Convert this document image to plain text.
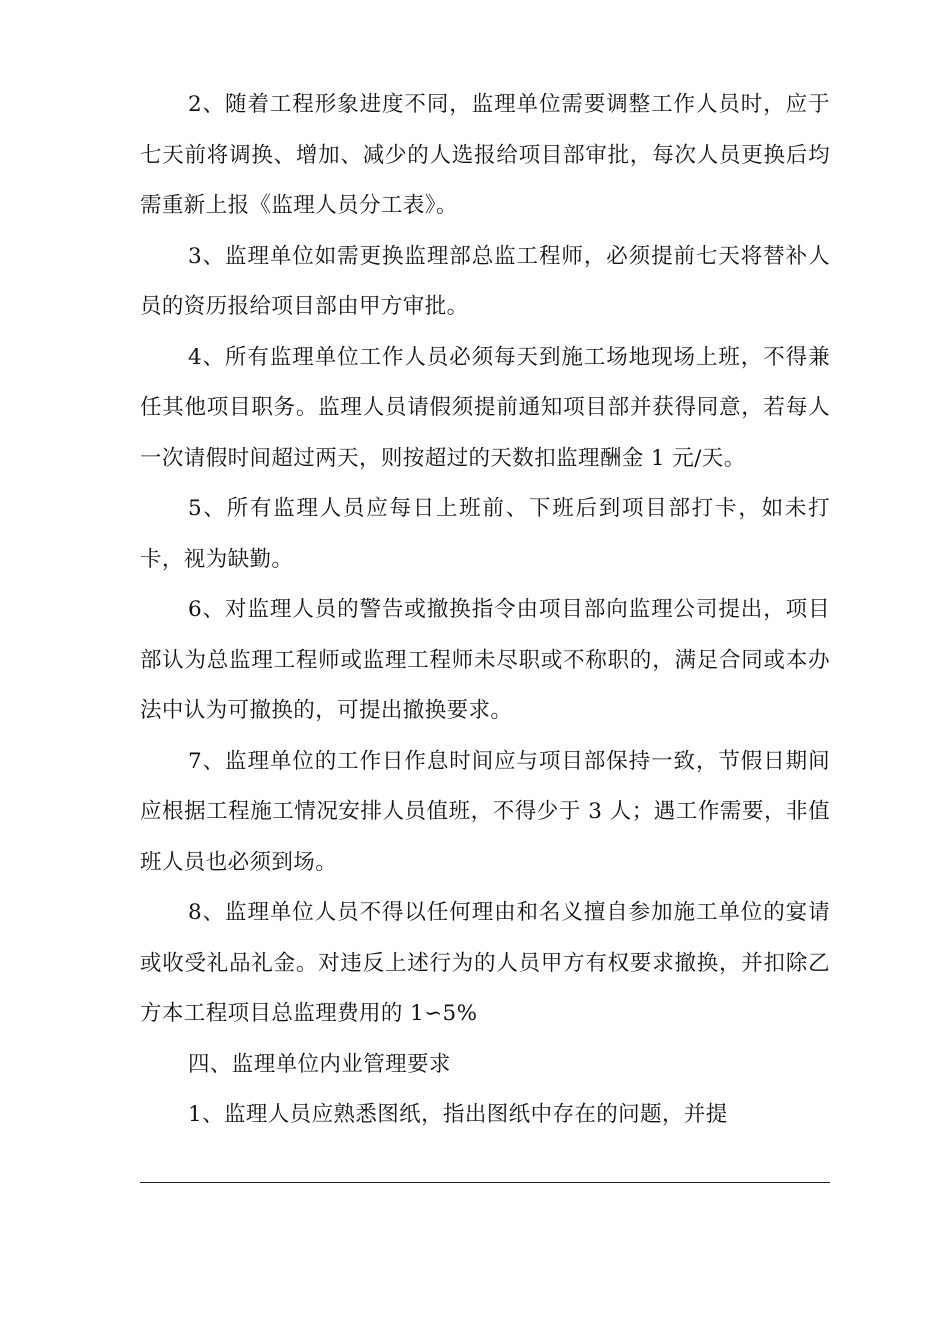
2、随着工程形象进度不同，监理单位需要调整工作人员时，应于七天前将调换、增加、减少的人选报给项目部审批，每次人员更换后均需重新上报《监理人员分工表》。

3、监理单位如需更换监理部总监工程师，必须提前七天将替补人员的资历报给项目部由甲方审批。

4、所有监理单位工作人员必须每天到施工场地现场上班，不得兼任其他项目职务。监理人员请假须提前通知项目部并获得同意，若每人一次请假时间超过两天，则按超过的天数扣监理酬金 1 元/天。

5、所有监理人员应每日上班前、下班后到项目部打卡，如未打卡，视为缺勤。

6、对监理人员的警告或撤换指令由项目部向监理公司提出，项目部认为总监理工程师或监理工程师未尽职或不称职的，满足合同或本办法中认为可撤换的，可提出撤换要求。

7、监理单位的工作日作息时间应与项目部保持一致，节假日期间应根据工程施工情况安排人员值班，不得少于 3 人；遇工作需要，非值班人员也必须到场。

8、监理单位人员不得以任何理由和名义擅自参加施工单位的宴请或收受礼品礼金。对违反上述行为的人员甲方有权要求撤换，并扣除乙方本工程项目总监理费用的 1∽5%

四、监理单位内业管理要求

1、监理人员应熟悉图纸，指出图纸中存在的问题，并提
